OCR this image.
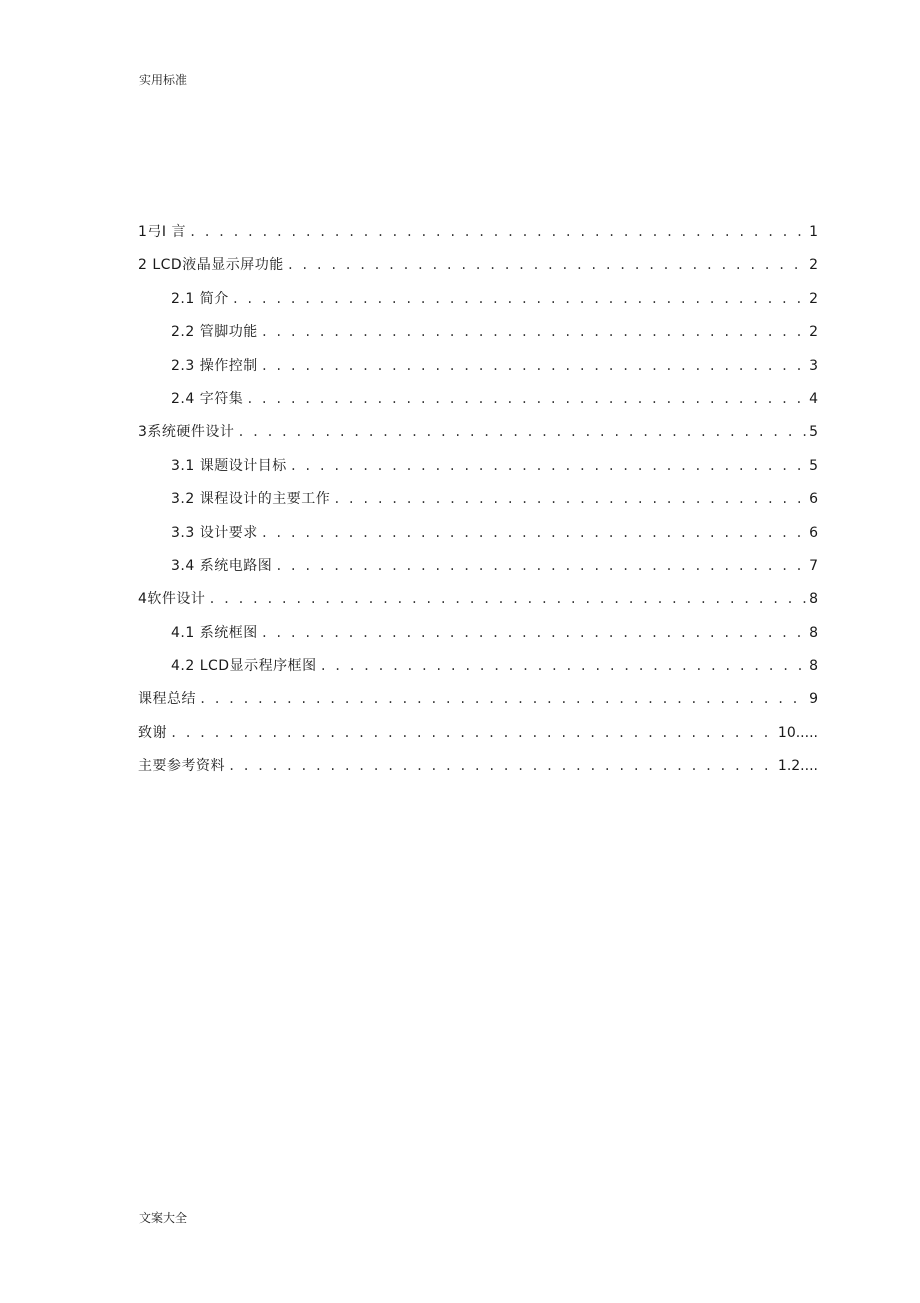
实用标准
1弓I 言 . . .	1
2 LCD液晶显示屏功能 . . .	2
2.1 简介 . . .	2
2.2 管脚功能 . . .	2
2.3 操作控制 . . .	3
2.4 字符集 . . .	4
3系统硬件设计 . . .	5
3.1 课题设计目标 . . .	5
3.2 课程设计的主要工作 . . .	6
3.3 设计要求 . . .	6
3.4 系统电路图 . . .	7
4软件设计 . . .	8
4.1 系统框图 . . .	8
4.2 LCD显示程序框图 . . .	8
课程总结 . . .	9
致谢 . . .	10.....
主要参考资料 . . .	1.2....
文案大全
